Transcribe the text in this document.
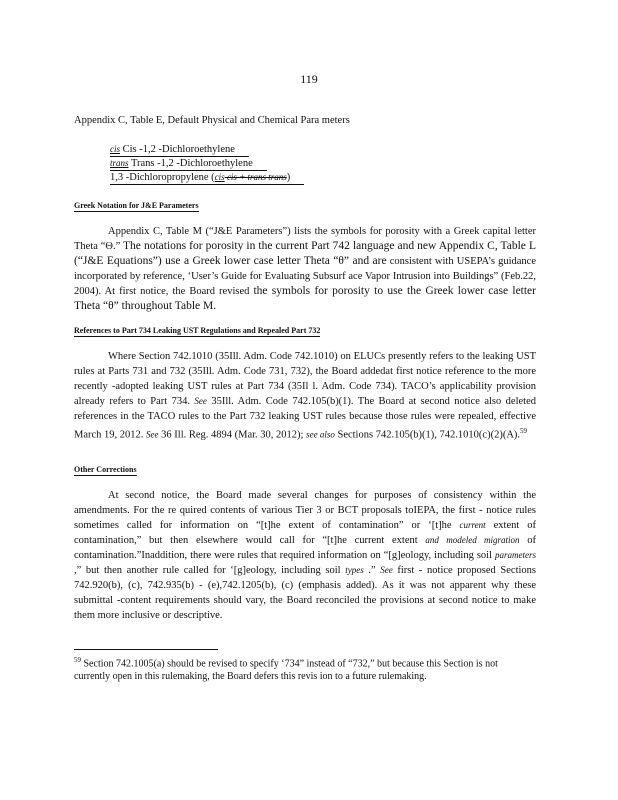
119
Appendix C, Table E, Default Physical and Chemical Para meters
cis Cis -1,2 -Dichloroethylene
trans Trans -1,2 -Dichloroethylene
1,3 -Dichloropropylene (cis cis + trans trans)
Greek Notation for J&E Parameters
Appendix C, Table M (“J&E Parameters”) lists the symbols for porosity with a Greek capital letter Theta “Θ.” The notations for porosity in the current Part 742 language and new Appendix C, Table L (“J&E Equations”) use a Greek lower case letter Theta “θ” and are consistent with USEPA’s guidance incorporated by reference, ‘User’s Guide for Evaluating Subsurf ace Vapor Intrusion into Buildings” (Feb.22, 2004). At first notice, the Board revised the symbols for porosity to use the Greek lower case letter Theta “θ” throughout Table M.
References to Part 734 Leaking UST Regulations and Repealed Part 732
Where Section 742.1010 (35Ill. Adm. Code 742.1010) on ELUCs presently refers to the leaking UST rules at Parts 731 and 732 (35Ill. Adm. Code 731, 732), the Board addedat first notice reference to the more recently -adopted leaking UST rules at Part 734 (35Il l. Adm. Code 734). TACO’s applicability provision already refers to Part 734. See 35Ill. Adm. Code 742.105(b)(1). The Board at second notice also deleted references in the TACO rules to the Part 732 leaking UST rules because those rules were repealed, effective March 19, 2012. See 36 Ill. Reg. 4894 (Mar. 30, 2012); see also Sections 742.105(b)(1), 742.1010(c)(2)(A).$^{59}$
Other Corrections
At second notice, the Board made several changes for purposes of consistency within the amendments. For the re quired contents of various Tier 3 or BCT proposals toIEPA, the first - notice rules sometimes called for information on “[t]he extent of contamination” or ‘[t]he current extent of contamination,” but then elsewhere would call for “[t]he current extent and modeled migration of contamination.”Inaddition, there were rules that required information on “[g]eology, including soil parameters ,” but then another rule called for ‘[g]eology, including soil types .” See first - notice proposed Sections 742.920(b), (c), 742.935(b) - (e),742.1205(b), (c) (emphasis added). As it was not apparent why these submittal -content requirements should vary, the Board reconciled the provisions at second notice to make them more inclusive or descriptive.
$^{59}$ Section 742.1005(a) should be revised to specify ‘734” instead of “732,” but because this Section is not currently open in this rulemaking, the Board defers this revis ion to a future rulemaking.
